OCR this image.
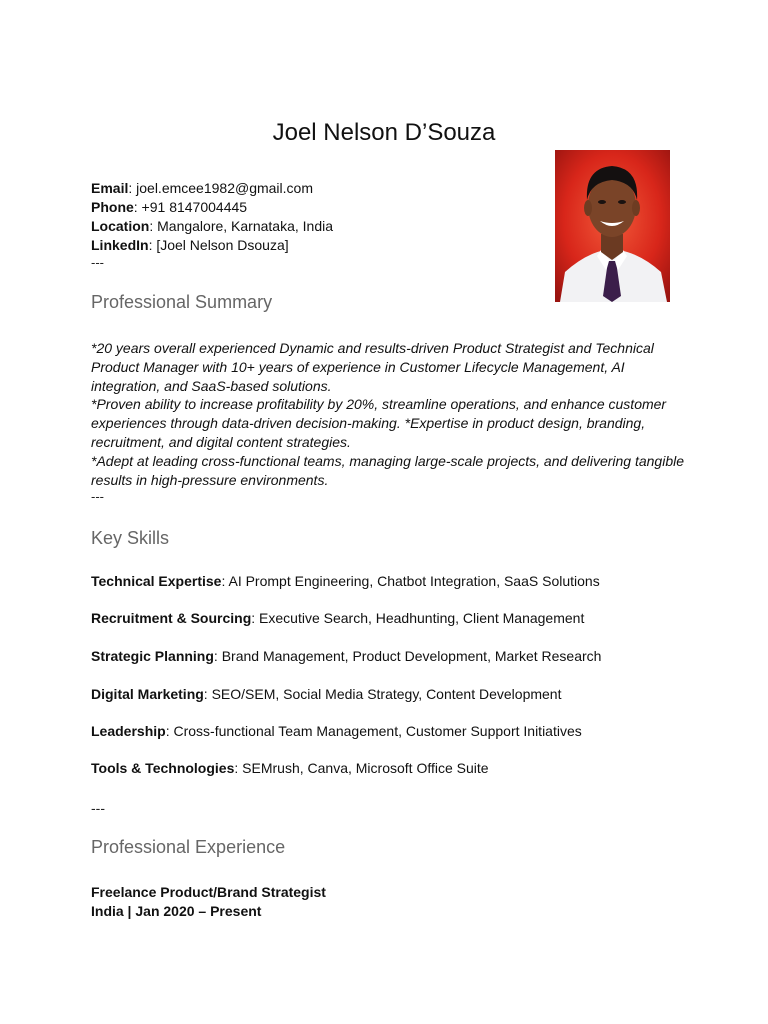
Joel Nelson D’Souza
Email: joel.emcee1982@gmail.com
Phone: +91 8147004445
Location: Mangalore, Karnataka, India
LinkedIn: [Joel Nelson Dsouza]
---
Professional Summary
*20 years overall experienced Dynamic and results-driven Product Strategist and Technical
Product Manager with 10+ years of experience in Customer Lifecycle Management, AI
integration, and SaaS-based solutions.
*Proven ability to increase profitability by 20%, streamline operations, and enhance customer
experiences through data-driven decision-making. *Expertise in product design, branding,
recruitment, and digital content strategies.
*Adept at leading cross-functional teams, managing large-scale projects, and delivering tangible
results in high-pressure environments.
---
Key Skills
Technical Expertise: AI Prompt Engineering, Chatbot Integration, SaaS Solutions
Recruitment & Sourcing: Executive Search, Headhunting, Client Management
Strategic Planning: Brand Management, Product Development, Market Research
Digital Marketing: SEO/SEM, Social Media Strategy, Content Development
Leadership: Cross-functional Team Management, Customer Support Initiatives
Tools & Technologies: SEMrush, Canva, Microsoft Office Suite
---
Professional Experience
Freelance Product/Brand Strategist
India | Jan 2020 – Present
